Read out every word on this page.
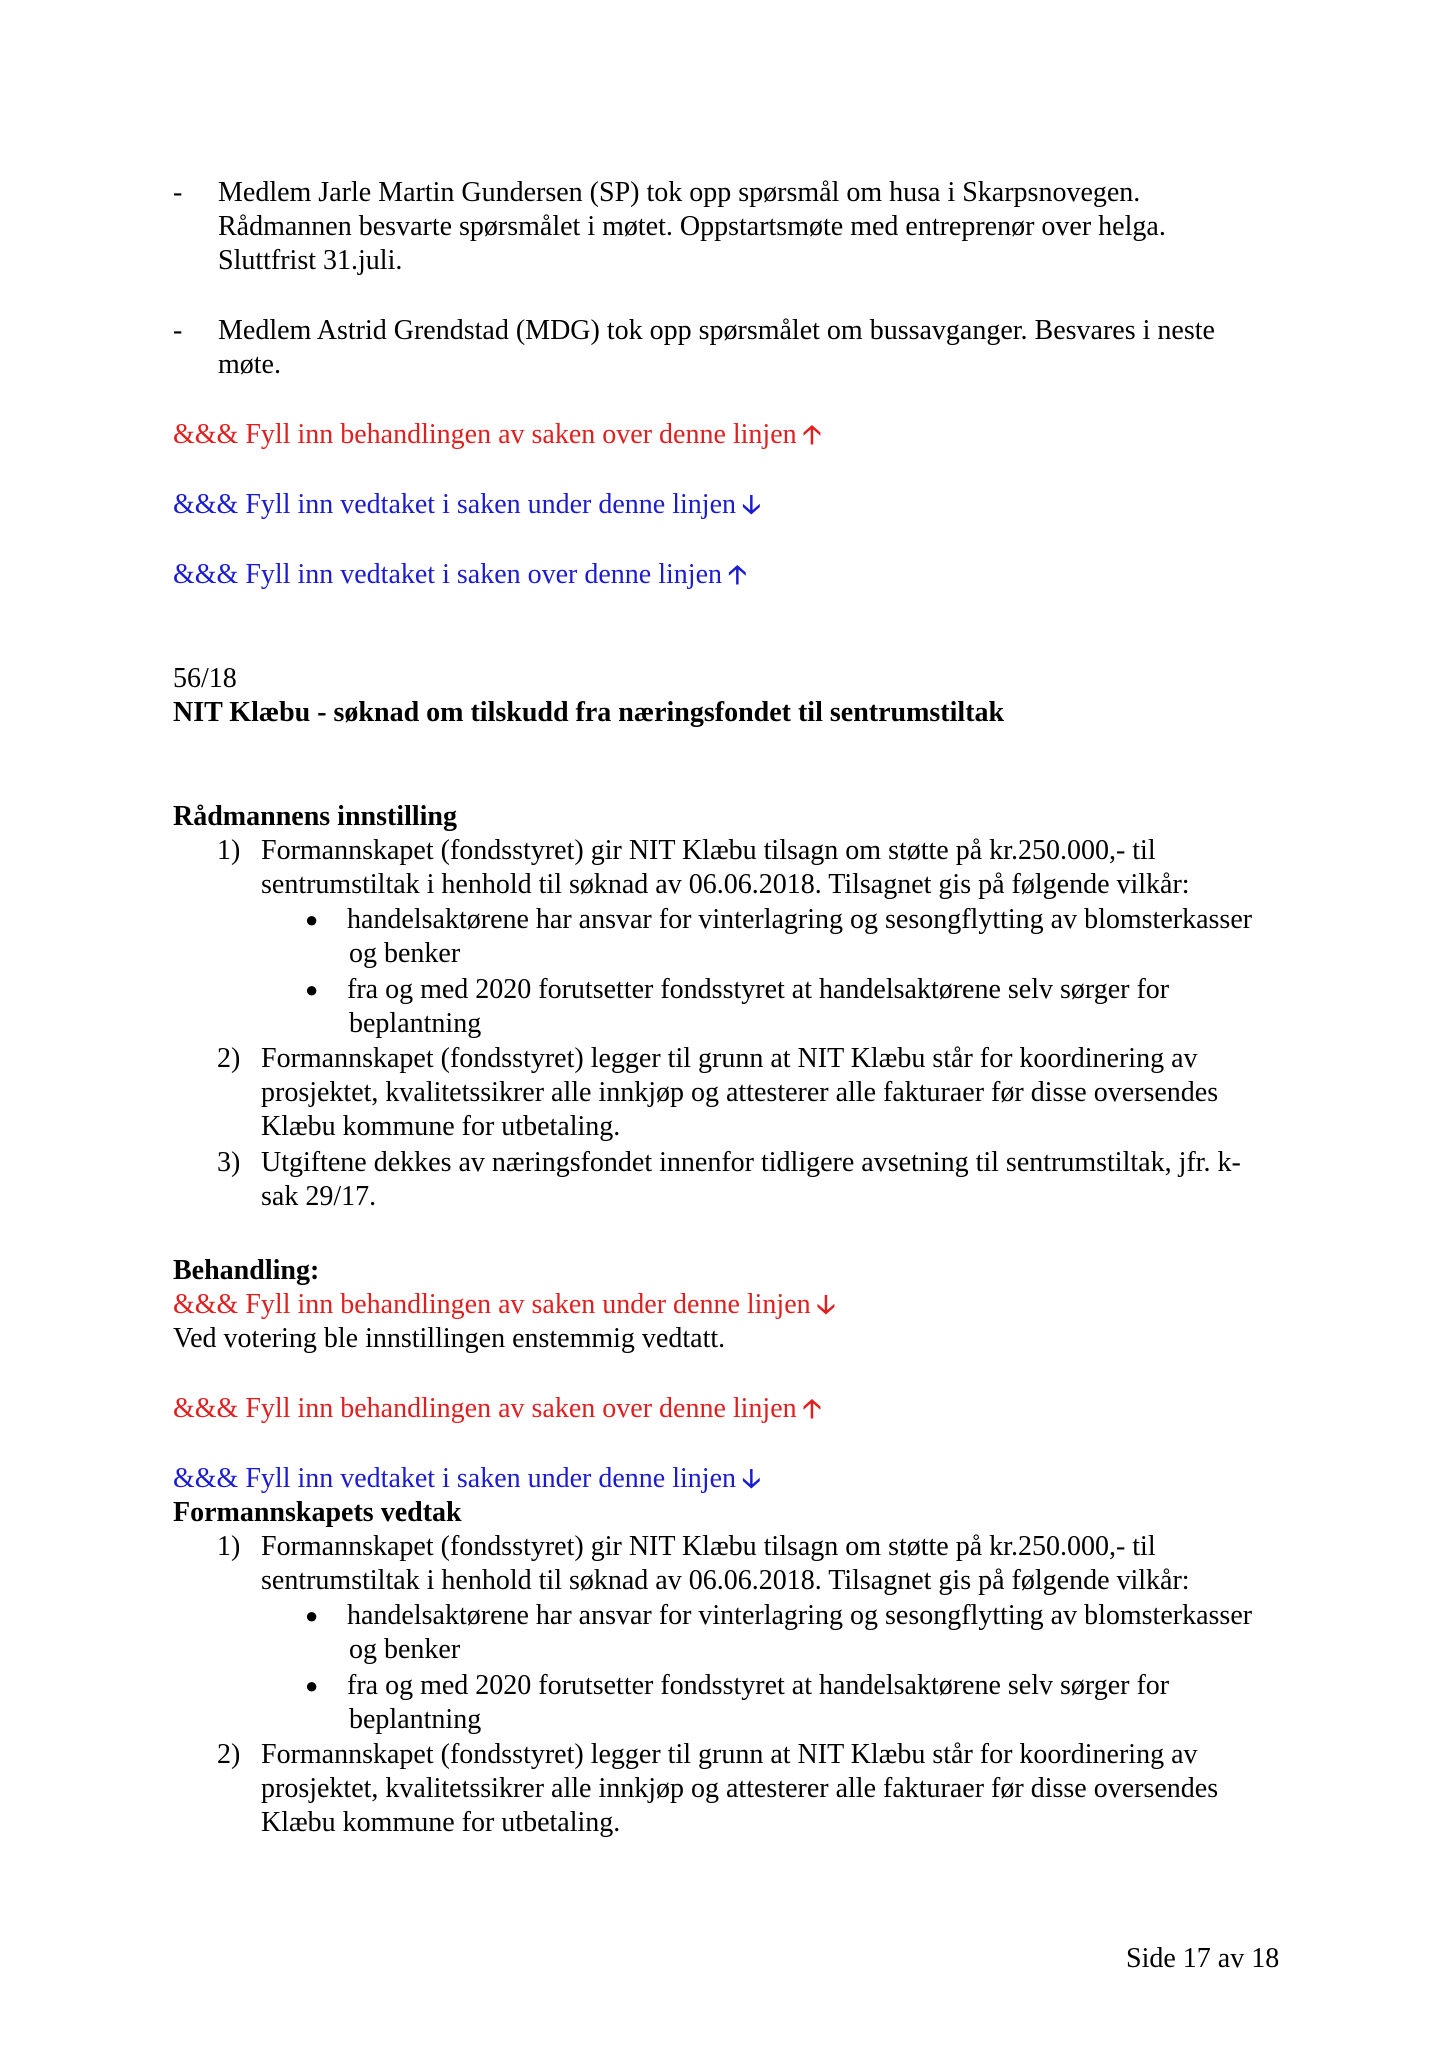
- Medlem Jarle Martin Gundersen (SP) tok opp spørsmål om husa i Skarpsnovegen.
Rådmannen besvarte spørsmålet i møtet. Oppstartsmøte med entreprenør over helga.
Sluttfrist 31.juli.
- Medlem Astrid Grendstad (MDG) tok opp spørsmålet om bussavganger. Besvares i neste
møte.
&&& Fyll inn behandlingen av saken over denne linjen 🡡
&&& Fyll inn vedtaket i saken under denne linjen 🡣
&&& Fyll inn vedtaket i saken over denne linjen 🡡
56/18
NIT Klæbu - søknad om tilskudd fra næringsfondet til sentrumstiltak
Rådmannens innstilling
1) Formannskapet (fondsstyret) gir NIT Klæbu tilsagn om støtte på kr.250.000,- til
sentrumstiltak i henhold til søknad av 06.06.2018. Tilsagnet gis på følgende vilkår:
● handelsaktørene har ansvar for vinterlagring og sesongflytting av blomsterkasser
og benker
● fra og med 2020 forutsetter fondsstyret at handelsaktørene selv sørger for
beplantning
2) Formannskapet (fondsstyret) legger til grunn at NIT Klæbu står for koordinering av
prosjektet, kvalitetssikrer alle innkjøp og attesterer alle fakturaer før disse oversendes
Klæbu kommune for utbetaling.
3) Utgiftene dekkes av næringsfondet innenfor tidligere avsetning til sentrumstiltak, jfr. k-
sak 29/17.
Behandling:
&&& Fyll inn behandlingen av saken under denne linjen 🡣
Ved votering ble innstillingen enstemmig vedtatt.
&&& Fyll inn behandlingen av saken over denne linjen 🡡
&&& Fyll inn vedtaket i saken under denne linjen 🡣
Formannskapets vedtak
1) Formannskapet (fondsstyret) gir NIT Klæbu tilsagn om støtte på kr.250.000,- til
sentrumstiltak i henhold til søknad av 06.06.2018. Tilsagnet gis på følgende vilkår:
● handelsaktørene har ansvar for vinterlagring og sesongflytting av blomsterkasser
og benker
● fra og med 2020 forutsetter fondsstyret at handelsaktørene selv sørger for
beplantning
2) Formannskapet (fondsstyret) legger til grunn at NIT Klæbu står for koordinering av
prosjektet, kvalitetssikrer alle innkjøp og attesterer alle fakturaer før disse oversendes
Klæbu kommune for utbetaling.
Side 17 av 18
